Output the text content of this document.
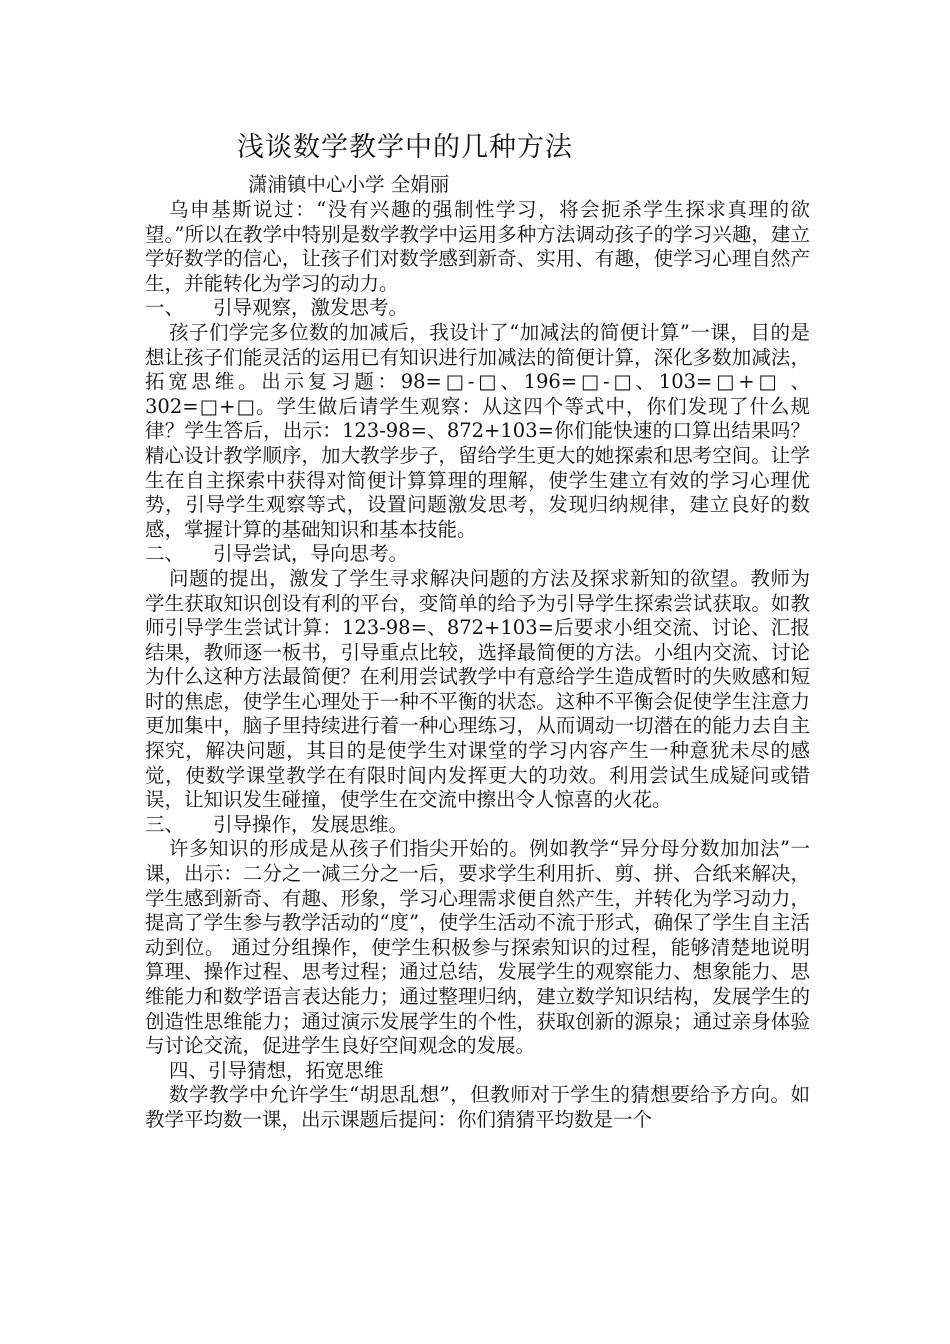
浅谈数学教学中的几种方法
潇浦镇中心小学 全娟丽

乌申基斯说过：“没有兴趣的强制性学习，将会扼杀学生探求真理的欲望。”所以在教学中特别是数学教学中运用多种方法调动孩子的学习兴趣，建立学好数学的信心，让孩子们对数学感到新奇、实用、有趣，使学习心理自然产生，并能转化为学习的动力。

一、 引导观察，激发思考。

孩子们学完多位数的加减后，我设计了“加减法的简便计算”一课，目的是想让孩子们能灵活的运用已有知识进行加减法的简便计算，深化多数加减法，拓宽思维。出示复习题：98=□-□、196=□-□、103=□+□ 、302=□+□。学生做后请学生观察：从这四个等式中，你们发现了什么规律？学生答后，出示：123-98=、872+103=你们能快速的口算出结果吗？精心设计教学顺序，加大教学步子，留给学生更大的她探索和思考空间。让学生在自主探索中获得对简便计算算理的理解，使学生建立有效的学习心理优势，引导学生观察等式，设置问题激发思考，发现归纳规律，建立良好的数感，掌握计算的基础知识和基本技能。

二、 引导尝试，导向思考。

问题的提出，激发了学生寻求解决问题的方法及探求新知的欲望。教师为学生获取知识创设有利的平台，变简单的给予为引导学生探索尝试获取。如教师引导学生尝试计算：123-98=、872+103=后要求小组交流、讨论、汇报结果，教师逐一板书，引导重点比较，选择最简便的方法。小组内交流、讨论为什么这种方法最简便？在利用尝试教学中有意给学生造成暂时的失败感和短时的焦虑，使学生心理处于一种不平衡的状态。这种不平衡会促使学生注意力更加集中，脑子里持续进行着一种心理练习，从而调动一切潜在的能力去自主探究，解决问题，其目的是使学生对课堂的学习内容产生一种意犹未尽的感觉，使数学课堂教学在有限时间内发挥更大的功效。利用尝试生成疑问或错误，让知识发生碰撞，使学生在交流中擦出令人惊喜的火花。

三、 引导操作，发展思维。

许多知识的形成是从孩子们指尖开始的。例如教学“异分母分数加加法”一课，出示：二分之一减三分之一后，要求学生利用折、剪、拼、合纸来解决，学生感到新奇、有趣、形象，学习心理需求便自然产生，并转化为学习动力，提高了学生参与教学活动的“度”，使学生活动不流于形式，确保了学生自主活动到位。 通过分组操作，使学生积极参与探索知识的过程，能够清楚地说明算理、操作过程、思考过程；通过总结，发展学生的观察能力、想象能力、思维能力和数学语言表达能力；通过整理归纳，建立数学知识结构，发展学生的创造性思维能力；通过演示发展学生的个性，获取创新的源泉；通过亲身体验与讨论交流，促进学生良好空间观念的发展。

四、引导猜想，拓宽思维

数学教学中允许学生“胡思乱想”，但教师对于学生的猜想要给予方向。如教学平均数一课，出示课题后提问：你们猜猜平均数是一个
